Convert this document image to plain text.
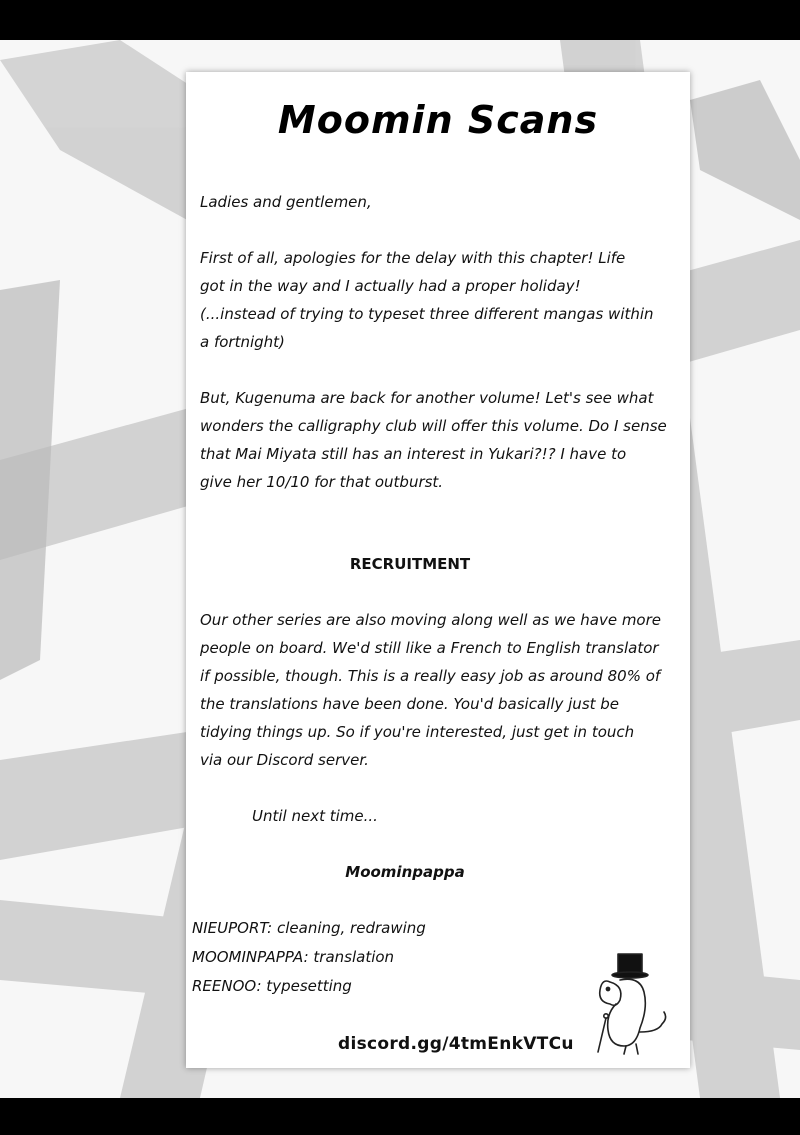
Moomin Scans
Ladies and gentlemen,
First of all, apologies for the delay with this chapter! Life
got in the way and I actually had a proper holiday!
(...instead of trying to typeset three different mangas within
a fortnight)
But, Kugenuma are back for another volume! Let's see what
wonders the calligraphy club will offer this volume. Do I sense
that Mai Miyata still has an interest in Yukari?!? I have to
give her 10/10 for that outburst.
RECRUITMENT
Our other series are also moving along well as we have more
people on board. We'd still like a French to English translator
if possible, though. This is a really easy job as around 80% of
the translations have been done. You'd basically just be
tidying things up. So if you're interested, just get in touch
via our Discord server.
Until next time...
Moominpappa
NIEUPORT: cleaning, redrawing
MOOMINPAPPA: translation
REENOO: typesetting
discord.gg/4tmEnkVTCu
